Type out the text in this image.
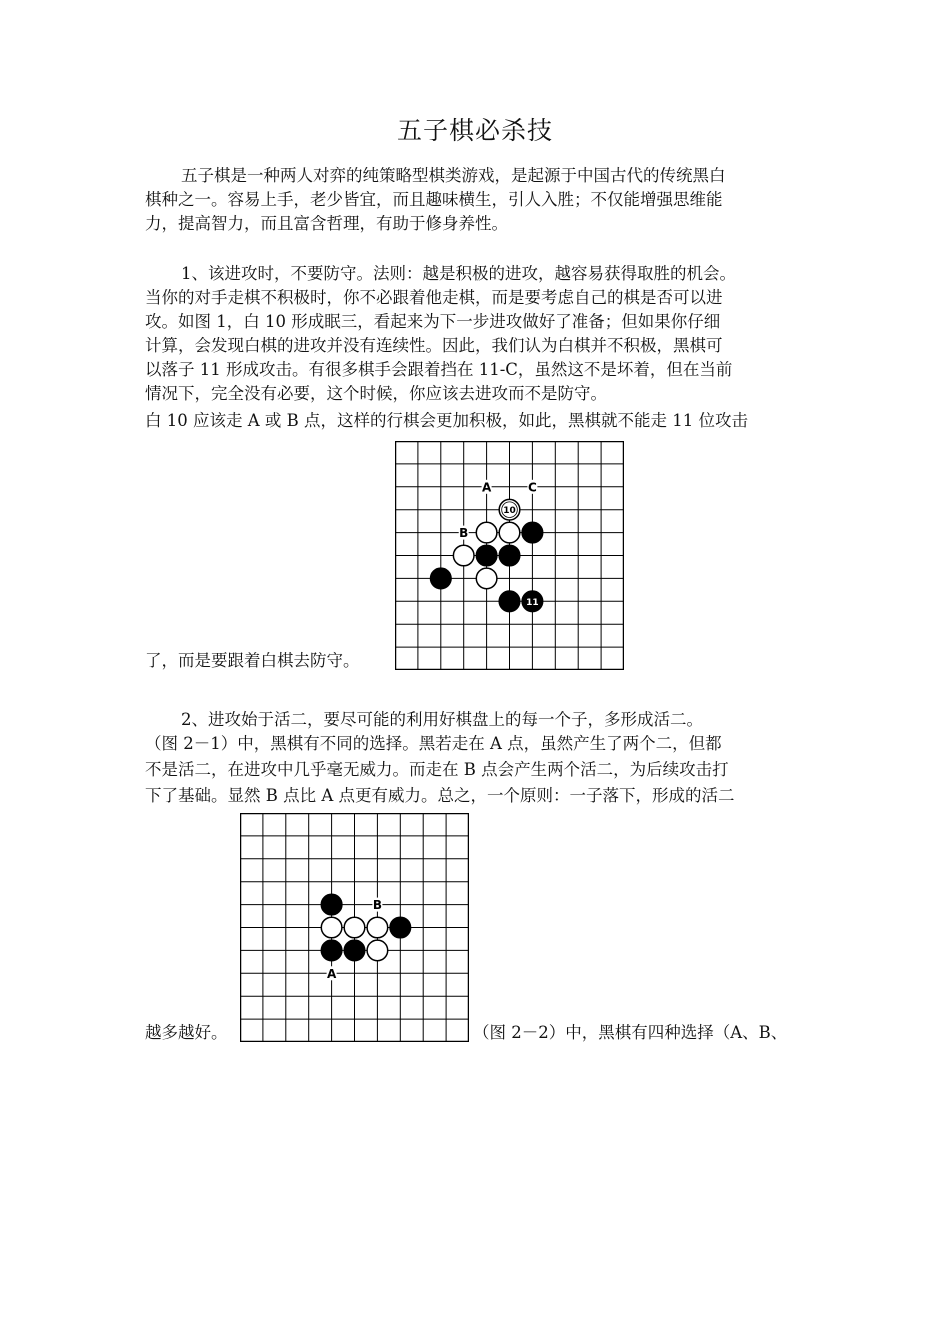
五子棋必杀技
五子棋是一种两人对弈的纯策略型棋类游戏，是起源于中国古代的传统黑白
棋种之一。容易上手，老少皆宜，而且趣味横生，引人入胜；不仅能增强思维能
力，提高智力，而且富含哲理，有助于修身养性。
1、该进攻时，不要防守。法则：越是积极的进攻，越容易获得取胜的机会。
当你的对手走棋不积极时，你不必跟着他走棋，而是要考虑自己的棋是否可以进
攻。如图 1，白 10 形成眠三，看起来为下一步进攻做好了准备；但如果你仔细
计算，会发现白棋的进攻并没有连续性。因此，我们认为白棋并不积极，黑棋可
以落子 11 形成攻击。有很多棋手会跟着挡在 11-C，虽然这不是坏着，但在当前
情况下，完全没有必要，这个时候，你应该去进攻而不是防守。
白 10 应该走 A 或 B 点，这样的行棋会更加积极，如此，黑棋就不能走 11 位攻击
了，而是要跟着白棋去防守。
A	C
B
10
11
2、进攻始于活二，要尽可能的利用好棋盘上的每一个子，多形成活二。
（图 2－1）中，黑棋有不同的选择。黑若走在 A 点，虽然产生了两个二，但都
不是活二，在进攻中几乎毫无威力。而走在 B 点会产生两个活二，为后续攻击打
下了基础。显然 B 点比 A 点更有威力。总之，一个原则：一子落下，形成的活二
越多越好。	（图 2－2）中，黑棋有四种选择（A、B、
B
A
